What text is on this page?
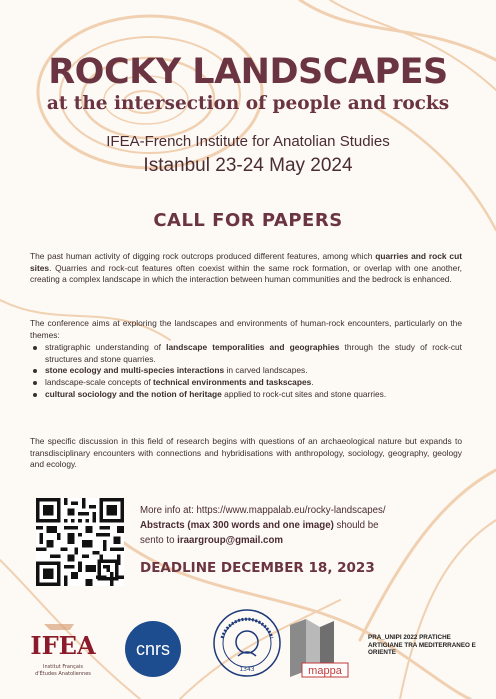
ROCKY LANDSCAPES
at the intersection of people and rocks
IFEA-French Institute for Anatolian Studies
Istanbul 23-24 May 2024
CALL FOR PAPERS
The past human activity of digging rock outcrops produced different features, among which quarries and rock cut sites. Quarries and rock-cut features often coexist within the same rock formation, or overlap with one another, creating a complex landscape in which the interaction between human communities and the bedrock is enhanced.
The conference aims at exploring the landscapes and environments of human-rock encounters, particularly on the themes:
stratigraphic understanding of landscape temporalities and geographies through the study of rock-cut structures and stone quarries.
stone ecology and multi-species interactions in carved landscapes.
landscape-scale concepts of technical environments and taskscapes.
cultural sociology and the notion of heritage applied to rock-cut sites and stone quarries.
The specific discussion in this field of research begins with questions of an archaeological nature but expands to transdisciplinary encounters with connections and hybridisations with anthropology, sociology, geography, geology and ecology.
More info at: https://www.mappalab.eu/rocky-landscapes/
Abstracts (max 300 words and one image) should be
sento to iraargroup@gmail.com
DEADLINE DECEMBER 18, 2023
IFEA
Institut Français
d'Études Anatoliennes
cnrs
1343	mappa
PRA_UNIPI 2022 PRATICHE ARTIGIANE TRA MEDITERRANEO E ORIENTE
